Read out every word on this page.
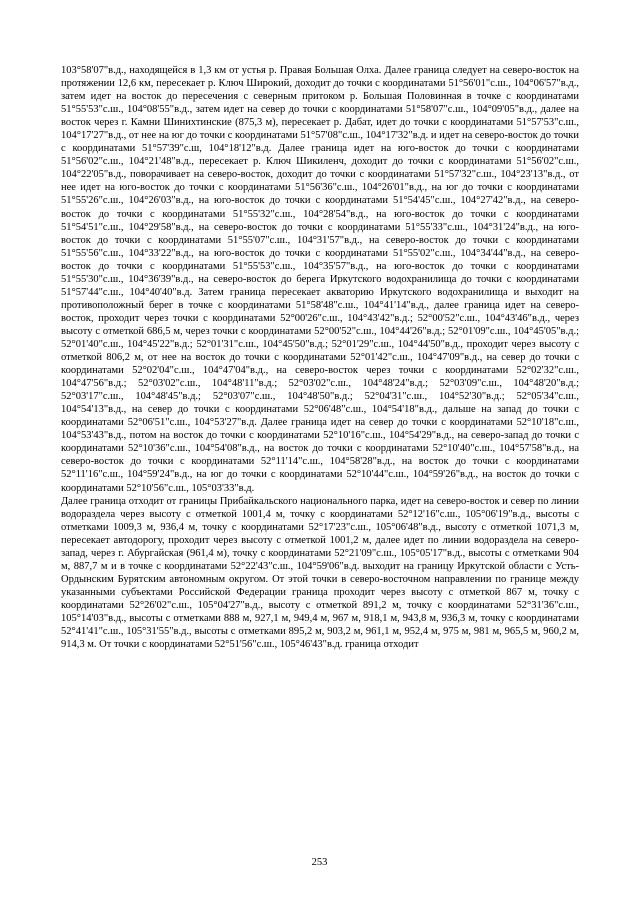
103°58'07"в.д., находящейся в 1,3 км от устья р. Правая Большая Олха. Далее граница следует на северо-восток на протяжении 12,6 км, пересекает р. Ключ Широкий, доходит до точки с координатами 51°56'01"с.ш., 104°06'57"в.д., затем идет на восток до пересечения с северным притоком р. Большая Половинная в точке с координатами 51°55'53"с.ш., 104°08'55"в.д., затем идет на север до точки с координатами 51°58'07"с.ш., 104°09'05"в.д., далее на восток через г. Камни Шинихтинские (875,3 м), пересекает р. Дабат, идет до точки с координатами 51°57'53"с.ш., 104°17'27"в.д., от нее на юг до точки с координатами 51°57'08"с.ш., 104°17'32"в.д. и идет на северо-восток до точки с координатами 51°57'39"с.ш, 104°18'12"в.д. Далее граница идет на юго-восток до точки с координатами 51°56'02"с.ш., 104°21'48"в.д., пересекает р. Ключ Шикиленч, доходит до точки с координатами 51°56'02"с.ш., 104°22'05"в.д., поворачивает на северо-восток, доходит до точки с координатами 51°57'32"с.ш., 104°23'13"в.д., от нее идет на юго-восток до точки с координатами 51°56'36"с.ш., 104°26'01"в.д., на юг до точки с координатами 51°55'26"с.ш., 104°26'03"в.д., на юго-восток до точки с координатами 51°54'45"с.ш., 104°27'42"в.д., на северо-восток до точки с координатами 51°55'32"с.ш., 104°28'54"в.д., на юго-восток до точки с координатами 51°54'51"с.ш., 104°29'58"в.д., на северо-восток до точки с координатами 51°55'33"с.ш., 104°31'24"в.д., на юго-восток до точки с координатами 51°55'07"с.ш., 104°31'57"в.д., на северо-восток до точки с координатами 51°55'56"с.ш., 104°33'22"в.д., на юго-восток до точки с координатами 51°55'02"с.ш., 104°34'44"в.д., на северо-восток до точки с координатами 51°55'53"с.ш., 104°35'57"в.д., на юго-восток до точки с координатами 51°55'30"с.ш., 104°36'39"в.д., на северо-восток до берега Иркутского водохранилища до точки с координатами 51°57'44"с.ш., 104°40'40"в.д. Затем граница пересекает акваторию Иркутского водохранилища и выходит на противоположный берег в точке с координатами 51°58'48"с.ш., 104°41'14"в.д., далее граница идет на северо-восток, проходит через точки с координатами 52°00'26"с.ш., 104°43'42"в.д.; 52°00'52"с.ш., 104°43'46"в.д., через высоту с отметкой 686,5 м, через точки с координатами 52°00'52"с.ш., 104°44'26"в.д.; 52°01'09"с.ш., 104°45'05"в.д.; 52°01'40"с.ш., 104°45'22"в.д.; 52°01'31"с.ш., 104°45'50"в.д.; 52°01'29"с.ш., 104°44'50"в.д., проходит через высоту с отметкой 806,2 м, от нее на восток до точки с координатами 52°01'42"с.ш., 104°47'09"в.д., на север до точки с координатами 52°02'04"с.ш., 104°47'04"в.д., на северо-восток через точки с координатами 52°02'32"с.ш., 104°47'56"в.д.; 52°03'02"с.ш., 104°48'11"в.д.; 52°03'02"с.ш., 104°48'24"в.д.; 52°03'09"с.ш., 104°48'20"в.д.; 52°03'17"с.ш., 104°48'45"в.д.; 52°03'07"с.ш., 104°48'50"в.д.; 52°04'31"с.ш., 104°52'30"в.д.; 52°05'34"с.ш., 104°54'13"в.д., на север до точки с координатами 52°06'48"с.ш., 104°54'18"в.д., дальше на запад до точки с координатами 52°06'51"с.ш., 104°53'27"в.д. Далее граница идет на север до точки с координатами 52°10'18"с.ш., 104°53'43"в.д., потом на восток до точки с координатами 52°10'16"с.ш., 104°54'29"в.д., на северо-запад до точки с координатами 52°10'36"с.ш., 104°54'08"в.д., на восток до точки с координатами 52°10'40"с.ш., 104°57'58"в.д., на северо-восток до точки с координатами 52°11'14"с.ш., 104°58'28"в.д., на восток до точки с координатами 52°11'16"с.ш., 104°59'24"в.д., на юг до точки с координатами 52°10'44"с.ш., 104°59'26"в.д., на восток до точки с координатами 52°10'56"с.ш., 105°03'33"в.д.

Далее граница отходит от границы Прибайкальского национального парка, идет на северо-восток и север по линии водораздела через высоту с отметкой 1001,4 м, точку с координатами 52°12'16"с.ш., 105°06'19"в.д., высоты с отметками 1009,3 м, 936,4 м, точку с координатами 52°17'23"с.ш., 105°06'48"в.д., высоту с отметкой 1071,3 м, пересекает автодорогу, проходит через высоту с отметкой 1001,2 м, далее идет по линии водораздела на северо-запад, через г. Абургайская (961,4 м), точку с координатами 52°21'09"с.ш., 105°05'17"в.д., высоты с отметками 904 м, 887,7 м и в точке с координатами 52°22'43"с.ш., 104°59'06"в.д. выходит на границу Иркутской области с Усть-Ордынским Бурятским автономным округом. От этой точки в северо-восточном направлении по границе между указанными субъектами Российской Федерации граница проходит через высоту с отметкой 867 м, точку с координатами 52°26'02"с.ш., 105°04'27"в.д., высоту с отметкой 891,2 м, точку с координатами 52°31'36"с.ш., 105°14'03"в.д., высоты с отметками 888 м, 927,1 м, 949,4 м, 967 м, 918,1 м, 943,8 м, 936,3 м, точку с координатами 52°41'41"с.ш., 105°31'55"в.д., высоты с отметками 895,2 м, 903,2 м, 961,1 м, 952,4 м, 975 м, 981 м, 965,5 м, 960,2 м, 914,3 м. От точки с координатами 52°51'56"с.ш., 105°46'43"в.д. граница отходит

253
